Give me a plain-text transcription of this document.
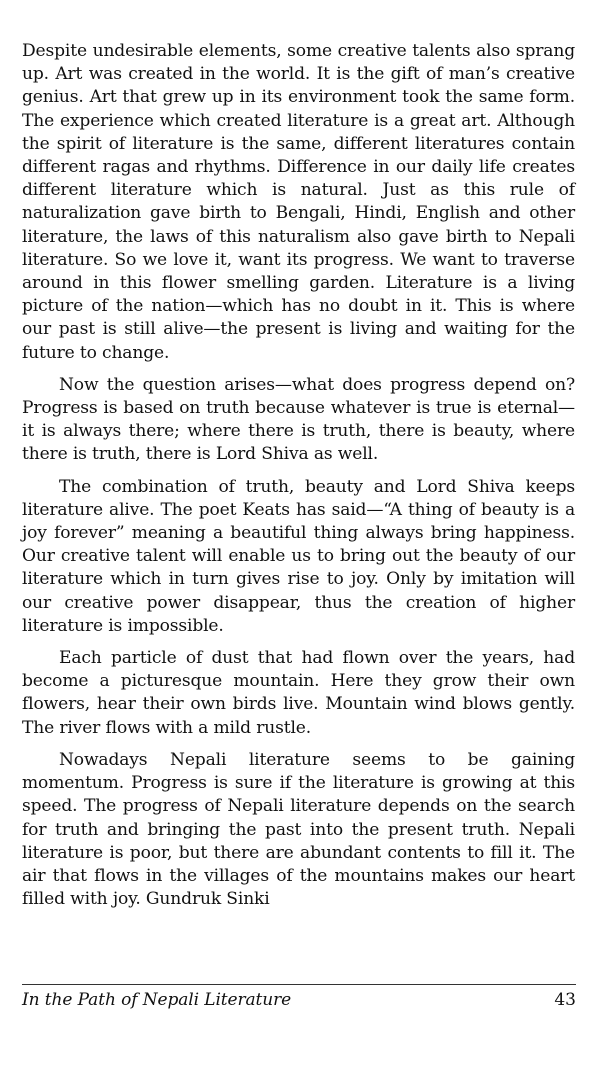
Despite undesirable elements, some creative talents also sprang up. Art was created in the world. It is the gift of man’s creative genius. Art that grew up in its environment took the same form. The experience which created literature is a great art. Although the spirit of literature is the same, different literatures contain different ragas and rhythms. Difference in our daily life creates different literature which is natural. Just as this rule of naturalization gave birth to Bengali, Hindi, English and other literature, the laws of this naturalism also gave birth to Nepali literature. So we love it, want its progress. We want to traverse around in this flower smelling garden. Literature is a living picture of the nation—which has no doubt in it. This is where our past is still alive—the present is living and waiting for the future to change.

Now the question arises—what does progress depend on? Progress is based on truth because whatever is true is eternal—it is always there; where there is truth, there is beauty, where there is truth, there is Lord Shiva as well.

The combination of truth, beauty and Lord Shiva keeps literature alive. The poet Keats has said—“A thing of beauty is a joy forever” meaning a beautiful thing always bring happiness. Our creative talent will enable us to bring out the beauty of our literature which in turn gives rise to joy. Only by imitation will our creative power disappear, thus the creation of higher literature is impossible.

Each particle of dust that had flown over the years, had become a picturesque mountain. Here they grow their own flowers, hear their own birds live. Mountain wind blows gently. The river flows with a mild rustle.

Nowadays Nepali literature seems to be gaining momentum. Progress is sure if the literature is growing at this speed. The progress of Nepali literature depends on the search for truth and bringing the past into the present truth. Nepali literature is poor, but there are abundant contents to fill it. The air that flows in the villages of the mountains makes our heart filled with joy. Gundruk Sinki

In the Path of Nepali Literature	43
